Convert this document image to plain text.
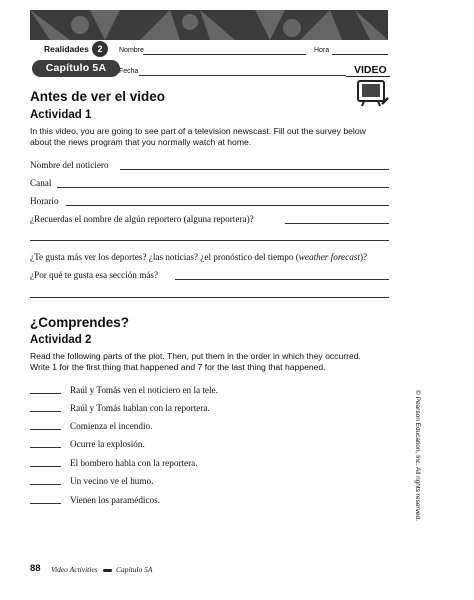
Realidades 2	Nombre	Hora
Capítulo 5A	Fecha	VIDEO
Antes de ver el video
Actividad 1
In this video, you are going to see part of a television newscast. Fill out the survey below
about the news program that you normally watch at home.
Nombre del noticiero
Canal
Horario
¿Recuerdas el nombre de algún reportero (alguna reportera)?
¿Te gusta más ver los deportes? ¿las noticias? ¿el pronóstico del tiempo (weather forecast)?
¿Por qué te gusta esa sección más?
¿Comprendes?
Actividad 2
Read the following parts of the plot. Then, put them in the order in which they occurred.
Write 1 for the first thing that happened and 7 for the last thing that happened.
Raúl y Tomás ven el noticiero en la tele.
Raúl y Tomás hablan con la reportera.
Comienza el incendio.
Ocurre la explosión.
El bombero habla con la reportera.
Un vecino ve el humo.
Vienen los paramédicos.	© Pearson Education, Inc. All rights reserved.
88 Video Activities Capítulo 5A
